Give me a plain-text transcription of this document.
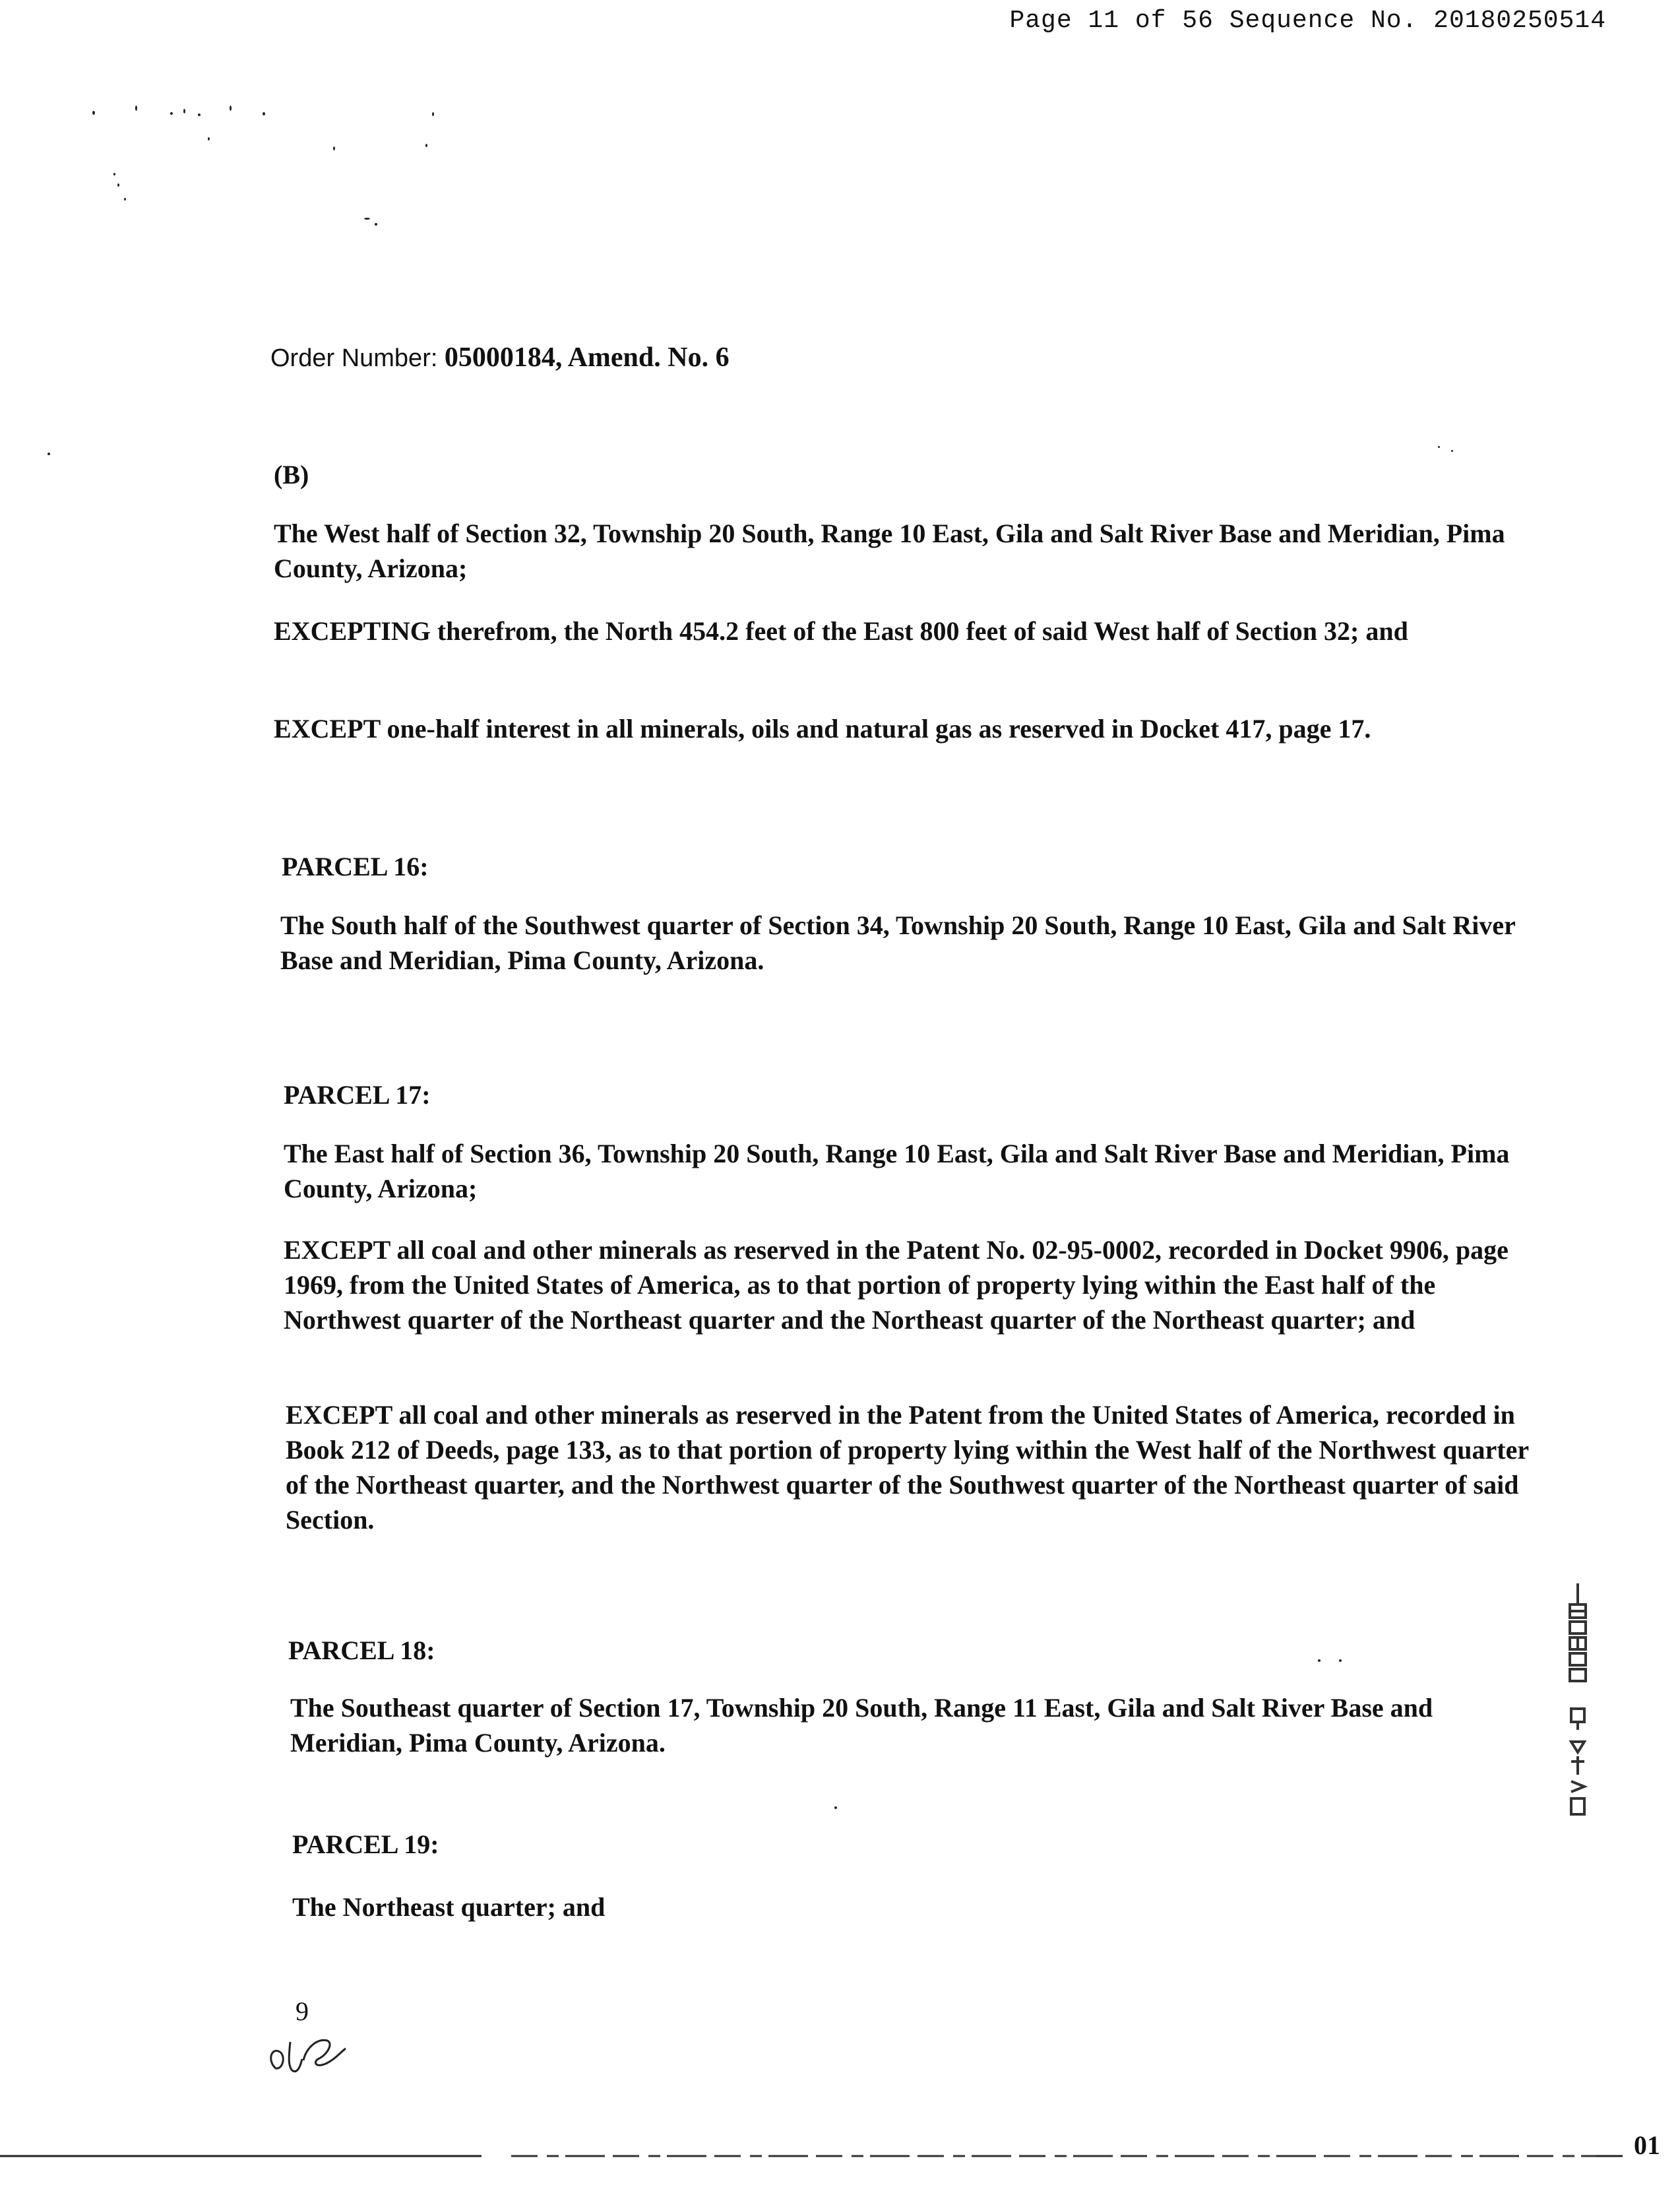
Page 11 of 56 Sequence No. 20180250514
Order Number: 05000184, Amend. No. 6
(B)

The West half of Section 32, Township 20 South, Range 10 East, Gila and Salt River Base and Meridian, Pima County, Arizona;

EXCEPTING therefrom, the North 454.2 feet of the East 800 feet of said West half of Section 32; and

EXCEPT one-half interest in all minerals, oils and natural gas as reserved in Docket 417, page 17.

PARCEL 16:

The South half of the Southwest quarter of Section 34, Township 20 South, Range 10 East, Gila and Salt River Base and Meridian, Pima County, Arizona.

PARCEL 17:

The East half of Section 36, Township 20 South, Range 10 East, Gila and Salt River Base and Meridian, Pima County, Arizona;

EXCEPT all coal and other minerals as reserved in the Patent No. 02-95-0002, recorded in Docket 9906, page 1969, from the United States of America, as to that portion of property lying within the East half of the Northwest quarter of the Northeast quarter and the Northeast quarter of the Northeast quarter; and

EXCEPT all coal and other minerals as reserved in the Patent from the United States of America, recorded in Book 212 of Deeds, page 133, as to that portion of property lying within the West half of the Northwest quarter of the Northeast quarter, and the Northwest quarter of the Southwest quarter of the Northeast quarter of said Section.

PARCEL 18:

The Southeast quarter of Section 17, Township 20 South, Range 11 East, Gila and Salt River Base and Meridian, Pima County, Arizona.

PARCEL 19:

The Northeast quarter; and

9
01
